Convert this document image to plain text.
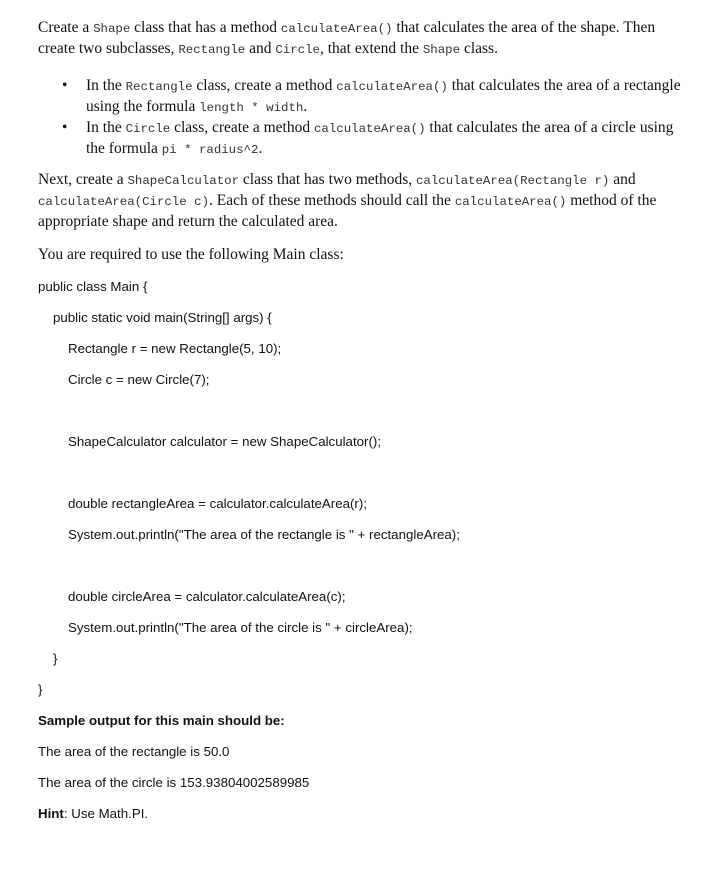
Create a Shape class that has a method calculateArea() that calculates the area of the shape. Then create two subclasses, Rectangle and Circle, that extend the Shape class.

• In the Rectangle class, create a method calculateArea() that calculates the area of a rectangle using the formula length * width.
• In the Circle class, create a method calculateArea() that calculates the area of a circle using the formula pi * radius^2.

Next, create a ShapeCalculator class that has two methods, calculateArea(Rectangle r) and calculateArea(Circle c). Each of these methods should call the calculateArea() method of the appropriate shape and return the calculated area.

You are required to use the following Main class:

public class Main {
public static void main(String[] args) {
Rectangle r = new Rectangle(5, 10);
Circle c = new Circle(7);
ShapeCalculator calculator = new ShapeCalculator();
double rectangleArea = calculator.calculateArea(r);
System.out.println("The area of the rectangle is " + rectangleArea);
double circleArea = calculator.calculateArea(c);
System.out.println("The area of the circle is " + circleArea);
}
}
Sample output for this main should be:
The area of the rectangle is 50.0
The area of the circle is 153.93804002589985
Hint: Use Math.PI.
